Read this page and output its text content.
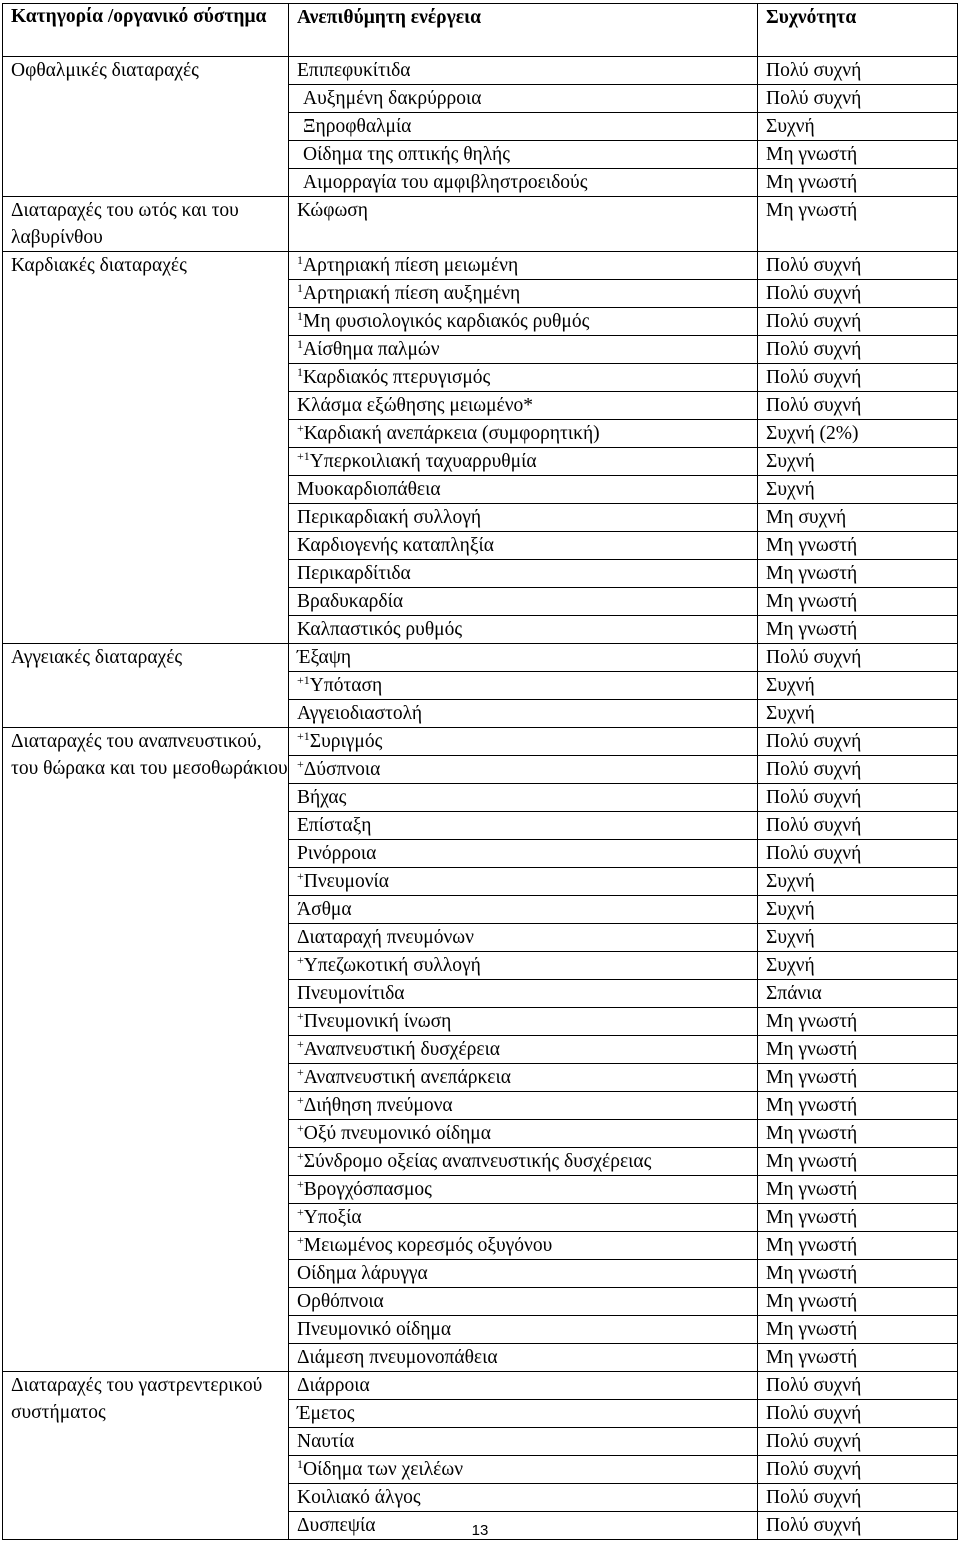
Κατηγορία /οργανικό σύστημα	Ανεπιθύμητη ενέργεια	Συχνότητα
Οφθαλμικές διαταραχές	Επιπεφυκίτιδα	Πολύ συχνή
	Αυξημένη δακρύρροια	Πολύ συχνή
	Ξηροφθαλμία	Συχνή
	Οίδημα της οπτικής θηλής	Μη γνωστή
	Αιμορραγία του αμφιβληστροειδούς	Μη γνωστή
Διαταραχές του ωτός και του λαβυρίνθου	Κώφωση	Μη γνωστή
Καρδιακές διαταραχές	$^1$Αρτηριακή πίεση μειωμένη	Πολύ συχνή
	$^1$Αρτηριακή πίεση αυξημένη	Πολύ συχνή
	$^1$Μη φυσιολογικός καρδιακός ρυθμός	Πολύ συχνή
	$^1$Αίσθημα παλμών	Πολύ συχνή
	$^1$Καρδιακός πτερυγισμός	Πολύ συχνή
	Κλάσμα εξώθησης μειωμένο*	Πολύ συχνή
	+Καρδιακή ανεπάρκεια (συμφορητική)	Συχνή (2%)
	$^{+1}$Υπερκοιλιακή ταχυαρρυθμία	Συχνή
	Μυοκαρδιοπάθεια	Συχνή
	Περικαρδιακή συλλογή	Μη συχνή
	Καρδιογενής καταπληξία	Μη γνωστή
	Περικαρδίτιδα	Μη γνωστή
	Βραδυκαρδία	Μη γνωστή
	Καλπαστικός ρυθμός	Μη γνωστή
Αγγειακές διαταραχές	Έξαψη	Πολύ συχνή
	$^{+1}$Υπόταση	Συχνή
	Αγγειοδιαστολή	Συχνή
Διαταραχές του αναπνευστικού, του θώρακα και του μεσοθωράκιου	$^{+1}$Συριγμός	Πολύ συχνή
	+Δύσπνοια	Πολύ συχνή
	Βήχας	Πολύ συχνή
	Επίσταξη	Πολύ συχνή
	Ρινόρροια	Πολύ συχνή
	+Πνευμονία	Συχνή
	Άσθμα	Συχνή
	Διαταραχή πνευμόνων	Συχνή
	+Υπεζωκοτική συλλογή	Συχνή
	Πνευμονίτιδα	Σπάνια
	+Πνευμονική ίνωση	Μη γνωστή
	+Αναπνευστική δυσχέρεια	Μη γνωστή
	+Αναπνευστική ανεπάρκεια	Μη γνωστή
	+Διήθηση πνεύμονα	Μη γνωστή
	+Οξύ πνευμονικό οίδημα	Μη γνωστή
	+Σύνδρομο οξείας αναπνευστικής δυσχέρειας	Μη γνωστή
	+Βρογχόσπασμος	Μη γνωστή
	+Υποξία	Μη γνωστή
	+Μειωμένος κορεσμός οξυγόνου	Μη γνωστή
	Οίδημα λάρυγγα	Μη γνωστή
	Ορθόπνοια	Μη γνωστή
	Πνευμονικό οίδημα	Μη γνωστή
	Διάμεση πνευμονοπάθεια	Μη γνωστή
Διαταραχές του γαστρεντερικού συστήματος	Διάρροια	Πολύ συχνή
	Έμετος	Πολύ συχνή
	Ναυτία	Πολύ συχνή
	$^1$Οίδημα των χειλέων	Πολύ συχνή
	Κοιλιακό άλγος	Πολύ συχνή
	Δυσπεψία	Πολύ συχνή
13
